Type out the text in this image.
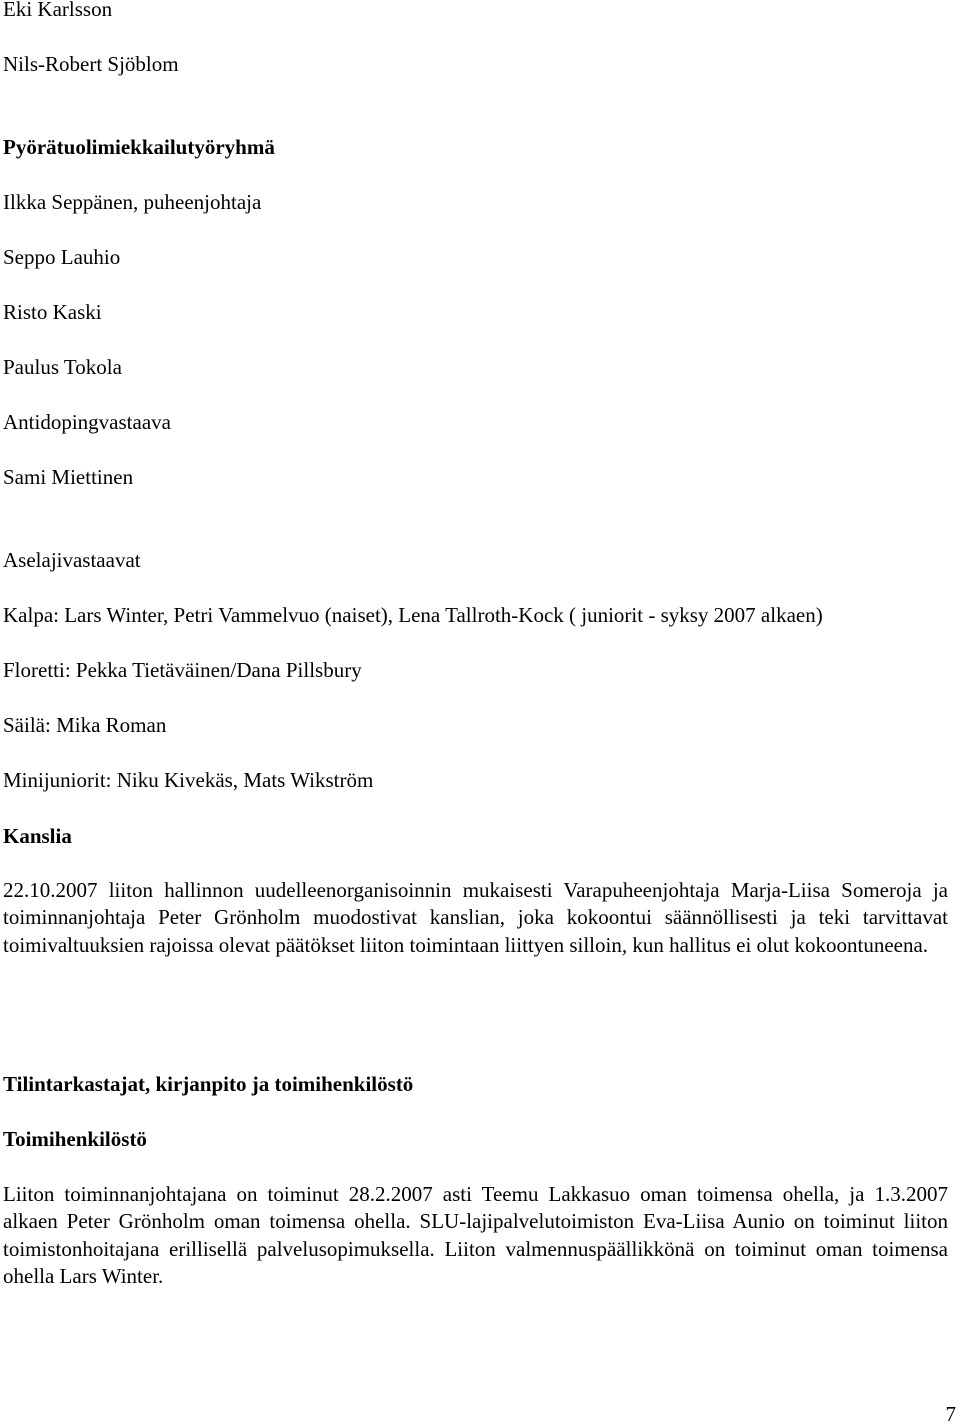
Eki Karlsson
Nils-Robert Sjöblom
Pyörätuolimiekkailutyöryhmä
Ilkka Seppänen, puheenjohtaja
Seppo Lauhio
Risto Kaski
Paulus Tokola
Antidopingvastaava
Sami Miettinen
Aselajivastaavat
Kalpa: Lars Winter, Petri Vammelvuo (naiset), Lena Tallroth-Kock ( juniorit - syksy 2007 alkaen)
Floretti: Pekka Tietäväinen/Dana Pillsbury
Säilä: Mika Roman
Minijuniorit: Niku Kivekäs, Mats Wikström
Kanslia
22.10.2007 liiton hallinnon uudelleenorganisoinnin mukaisesti Varapuheenjohtaja Marja-Liisa Someroja ja toiminnanjohtaja Peter Grönholm muodostivat kanslian, joka kokoontui säännöllisesti ja teki tarvittavat toimivaltuuksien rajoissa olevat päätökset liiton toimintaan liittyen silloin, kun hallitus ei olut kokoontuneena.
Tilintarkastajat, kirjanpito ja toimihenkilöstö
Toimihenkilöstö
Liiton toiminnanjohtajana on toiminut 28.2.2007 asti Teemu Lakkasuo oman toimensa ohella, ja 1.3.2007 alkaen Peter Grönholm oman toimensa ohella. SLU-lajipalvelutoimiston Eva-Liisa Aunio on toiminut liiton toimistonhoitajana erillisellä palvelusopimuksella. Liiton valmennuspäällikkönä on toiminut oman toimensa ohella Lars Winter.
7
